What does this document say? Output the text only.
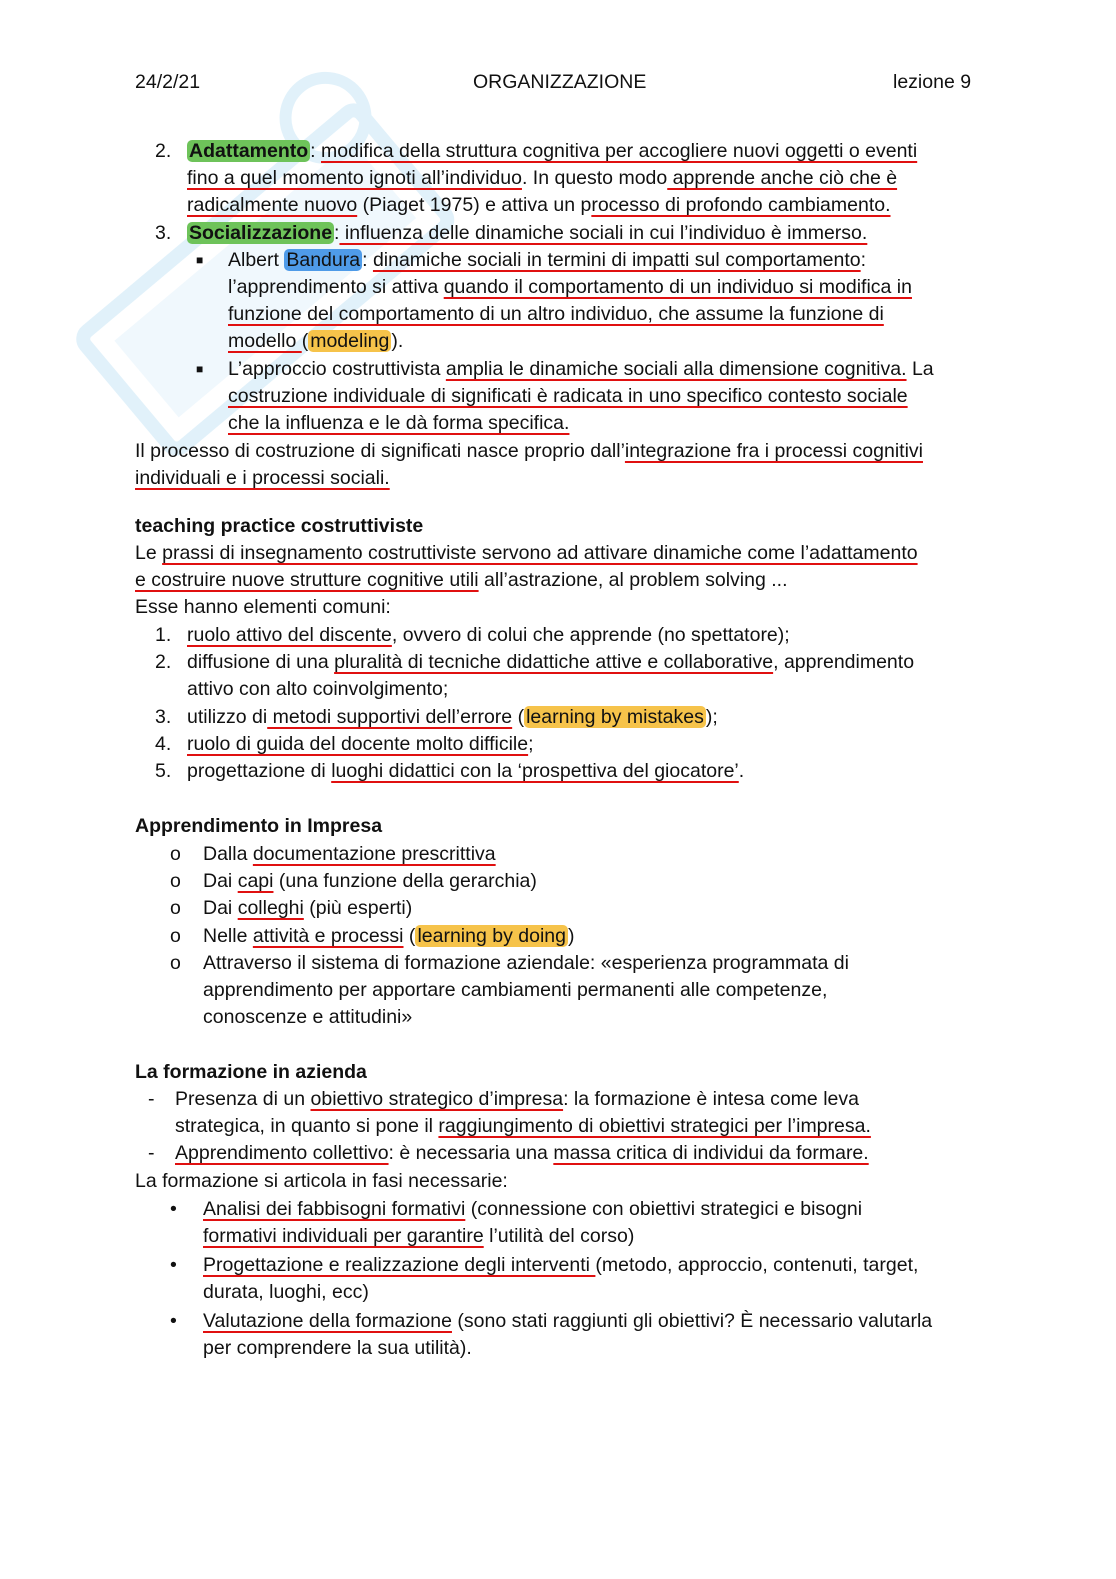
24/2/21	ORGANIZZAZIONE	lezione 9
2. Adattamento : modifica della struttura cognitiva per accogliere nuovi oggetti o eventi
fino a quel momento ignoti all’individuo. In questo modo apprende anche ciò che è
radicalmente nuovo (Piaget 1975) e attiva un processo di profondo cambiamento.
3. Socializzazione : influenza delle dinamiche sociali in cui l’individuo è immerso.
■ Albert Bandura : dinamiche sociali in termini di impatti sul comportamento:
l’apprendimento si attiva quando il comportamento di un individuo si modifica in
funzione del comportamento di un altro individuo, che assume la funzione di
modello ( modeling ).
■ L’approccio costruttivista amplia le dinamiche sociali alla dimensione cognitiva. La
costruzione individuale di significati è radicata in uno specifico contesto sociale
che la influenza e le dà forma specifica.
Il processo di costruzione di significati nasce proprio dall’integrazione fra i processi cognitivi
individuali e i processi sociali.
teaching practice costruttiviste
Le prassi di insegnamento costruttiviste servono ad attivare dinamiche come l’adattamento
e costruire nuove strutture cognitive utili all’astrazione, al problem solving ...
Esse hanno elementi comuni:
1. ruolo attivo del discente, ovvero di colui che apprende (no spettatore);
2. diffusione di una pluralità di tecniche didattiche attive e collaborative, apprendimento
attivo con alto coinvolgimento;
3. utilizzo di metodi supportivi dell’errore ( learning by mistakes );
4. ruolo di guida del docente molto difficile;
5. progettazione di luoghi didattici con la ‘prospettiva del giocatore’.
Apprendimento in Impresa
o Dalla documentazione prescrittiva
o Dai capi (una funzione della gerarchia)
o Dai colleghi (più esperti)
o Nelle attività e processi ( learning by doing )
o Attraverso il sistema di formazione aziendale: «esperienza programmata di
apprendimento per apportare cambiamenti permanenti alle competenze,
conoscenze e attitudini»
La formazione in azienda
- Presenza di un obiettivo strategico d’impresa: la formazione è intesa come leva
strategica, in quanto si pone il raggiungimento di obiettivi strategici per l’impresa.
- Apprendimento collettivo: è necessaria una massa critica di individui da formare.
La formazione si articola in fasi necessarie:
• Analisi dei fabbisogni formativi (connessione con obiettivi strategici e bisogni
formativi individuali per garantire l’utilità del corso)
• Progettazione e realizzazione degli interventi (metodo, approccio, contenuti, target,
durata, luoghi, ecc)
• Valutazione della formazione (sono stati raggiunti gli obiettivi? È necessario valutarla
per comprendere la sua utilità).
